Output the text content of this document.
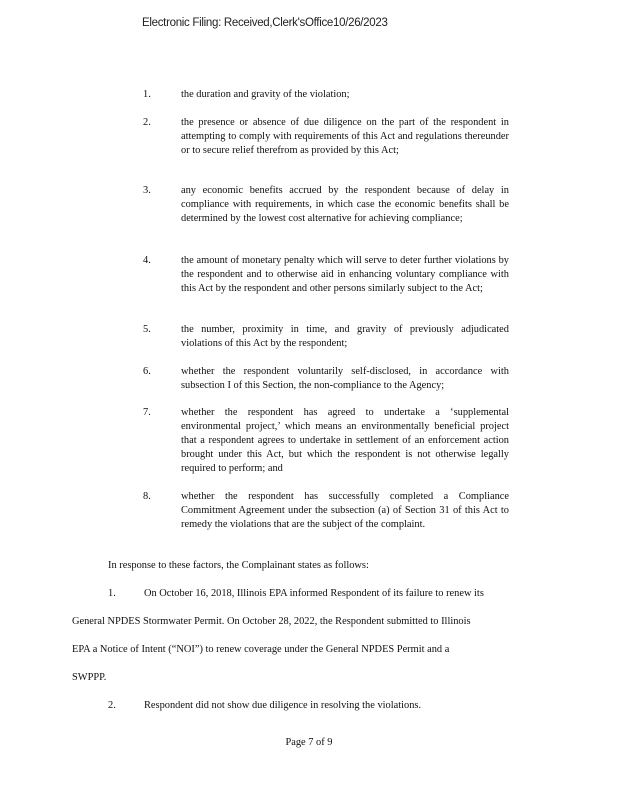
Electronic Filing: Received,Clerk'sOffice10/26/2023
1.	the duration and gravity of the violation;
2.	the presence or absence of due diligence on the part of the respondent in attempting to comply with requirements of this Act and regulations thereunder or to secure relief therefrom as provided by this Act;
3.	any economic benefits accrued by the respondent because of delay in compliance with requirements, in which case the economic benefits shall be determined by the lowest cost alternative for achieving compliance;
4.	the amount of monetary penalty which will serve to deter further violations by the respondent and to otherwise aid in enhancing voluntary compliance with this Act by the respondent and other persons similarly subject to the Act;
5.	the number, proximity in time, and gravity of previously adjudicated violations of this Act by the respondent;
6.	whether the respondent voluntarily self-disclosed, in accordance with subsection I of this Section, the non-compliance to the Agency;
7.	whether the respondent has agreed to undertake a ‘supplemental environmental project,’ which means an environmentally beneficial project that a respondent agrees to undertake in settlement of an enforcement action brought under this Act, but which the respondent is not otherwise legally required to perform; and
8.	whether the respondent has successfully completed a Compliance Commitment Agreement under the subsection (a) of Section 31 of this Act to remedy the violations that are the subject of the complaint.
In response to these factors, the Complainant states as follows:
1.	On October 16, 2018, Illinois EPA informed Respondent of its failure to renew its
General NPDES Stormwater Permit. On October 28, 2022, the Respondent submitted to Illinois
EPA a Notice of Intent (“NOI”) to renew coverage under the General NPDES Permit and a
SWPPP.
2.	Respondent did not show due diligence in resolving the violations.
Page 7 of 9
